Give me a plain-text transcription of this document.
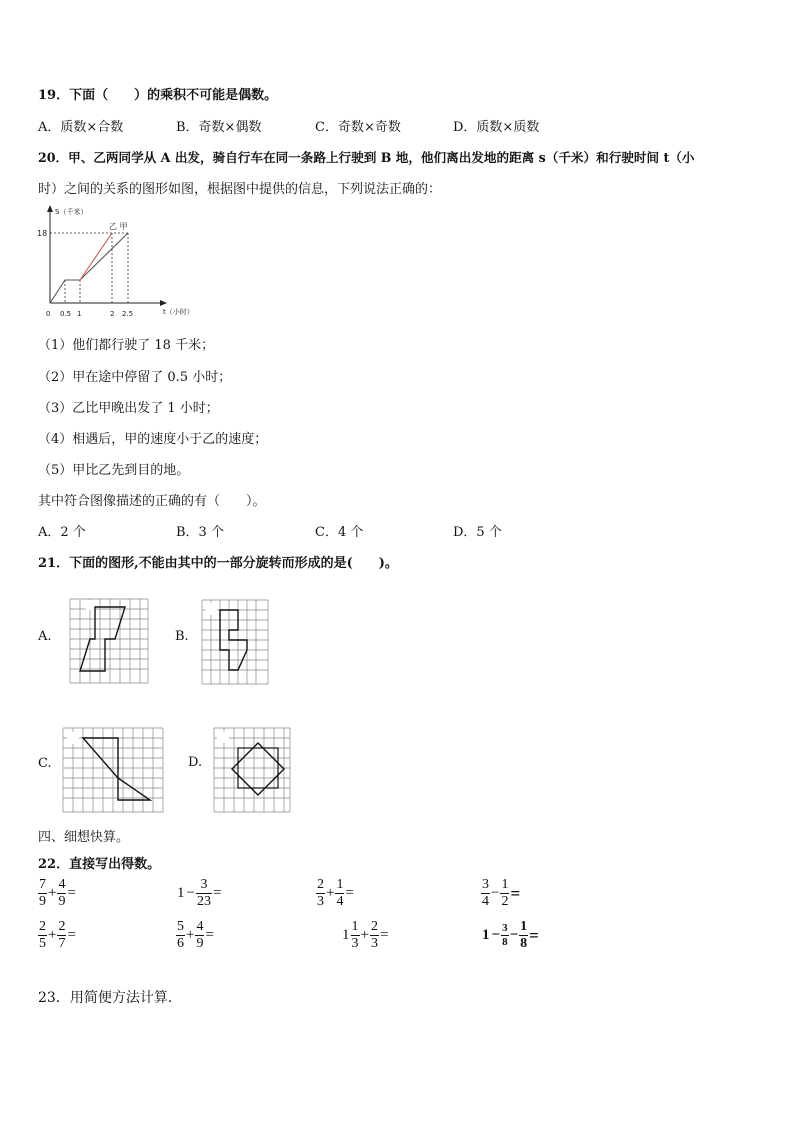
19．下面（　　）的乘积不可能是偶数。
A．质数×合数	B．奇数×偶数	C．奇数×奇数	D．质数×质数
20．甲、乙两同学从 A 出发，骑自行车在同一条路上行驶到 B 地，他们离出发地的距离 s（千米）和行驶时间 t（小
时）之间的关系的图形如图，根据图中提供的信息，下列说法正确的：
S（千米）
t（小时）
18
0 0.5 1	2 2.5
乙 甲
（1）他们都行驶了 18 千米；
（2）甲在途中停留了 0.5 小时；
（3）乙比甲晚出发了 1 小时；
（4）相遇后，甲的速度小于乙的速度；
（5）甲比乙先到目的地。
其中符合图像描述的正确的有（　　）。
A．2 个	B．3 个	C．4 个	D．5 个
21．下面的图形,不能由其中的一部分旋转而形成的是(　　)。
A.	B.
C.	D.
四、细想快算。
22．直接写出得数。
$\frac{7}{9} + \frac{4}{9}$ =	$1 - \frac{3}{23}$ =	$\frac{2}{3} + \frac{1}{4}$ =	$\frac{3}{4} - \frac{1}{2}$ =
$\frac{2}{5} + \frac{2}{7}$ =	$\frac{5}{6} + \frac{4}{9}$ =	$1 \frac{1}{3} + \frac{2}{3}$ =	$1 - \frac{3}{8} - \frac{1}{8}$ =
23．用简便方法计算.
